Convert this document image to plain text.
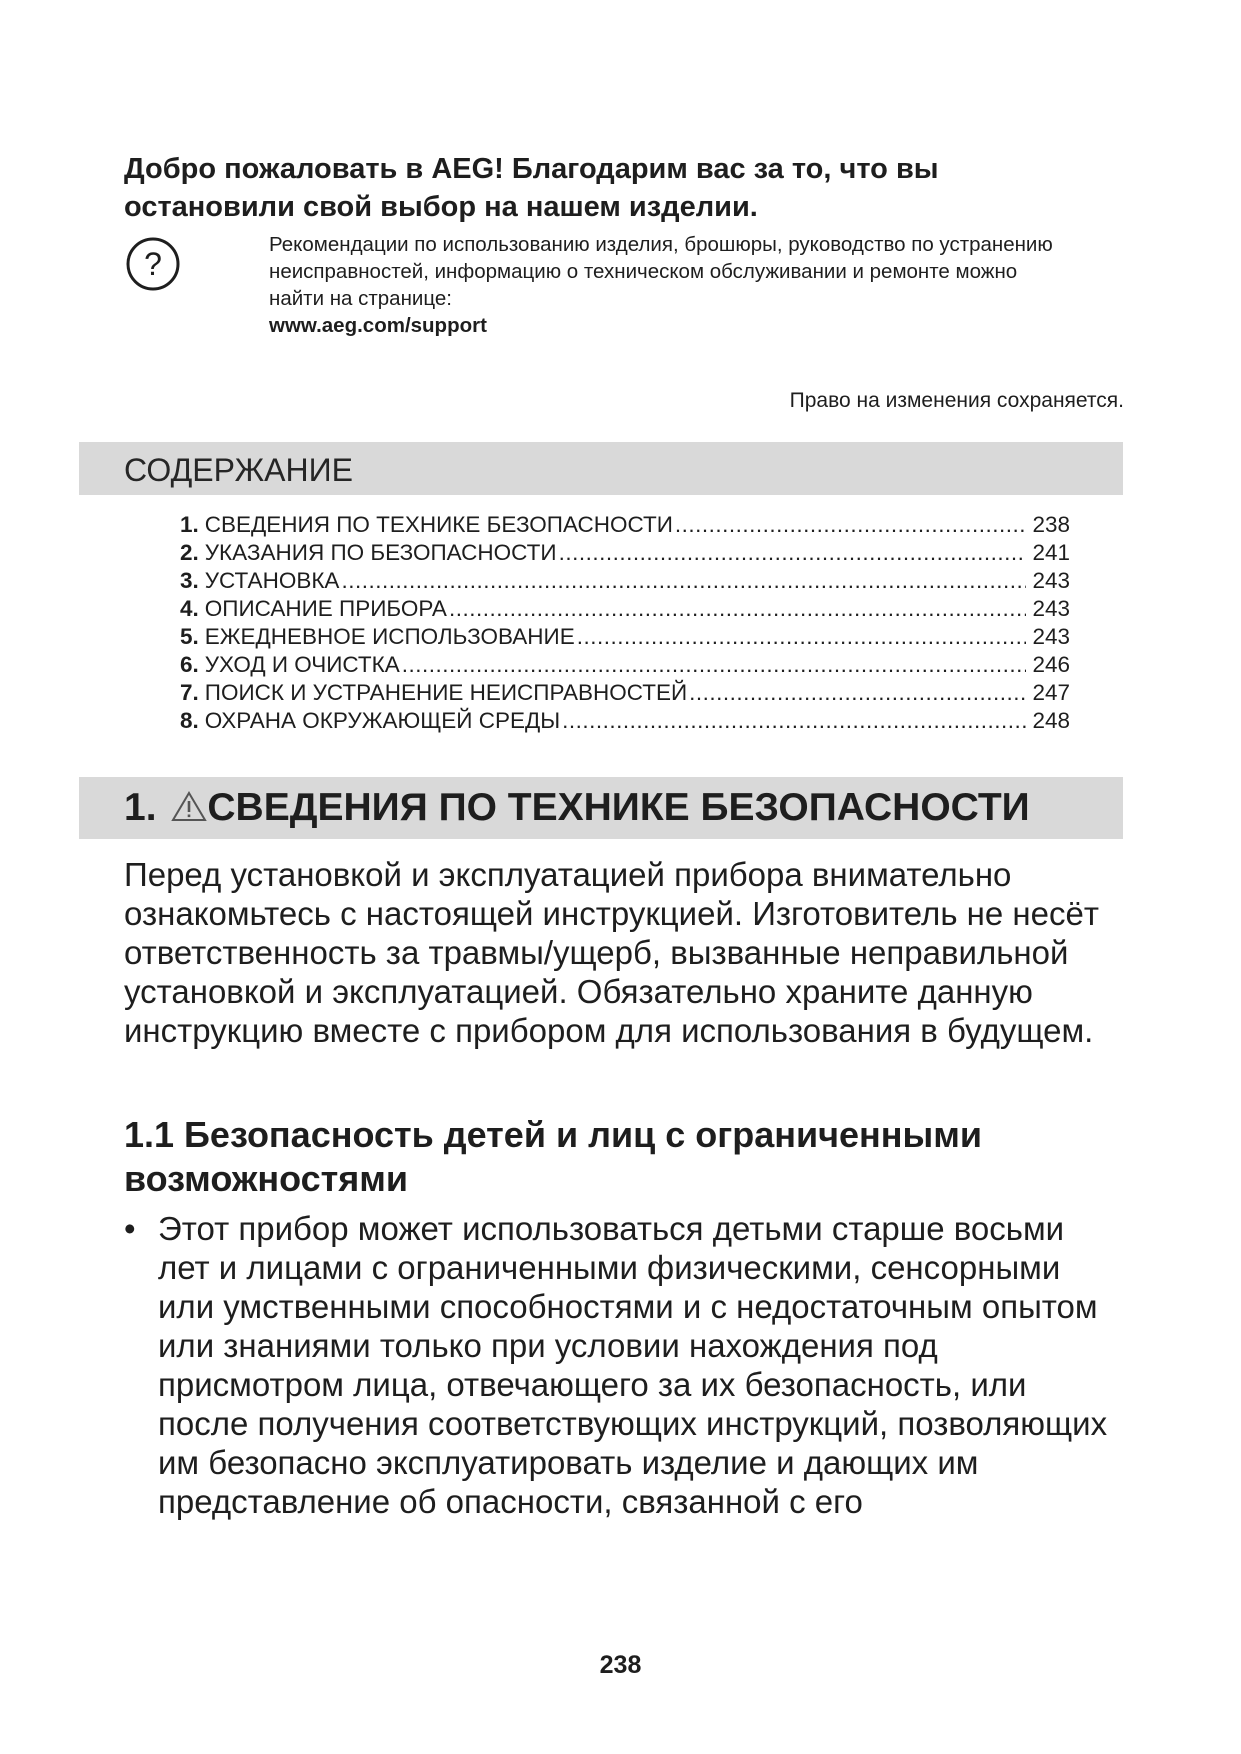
Добро пожаловать в AEG! Благодарим вас за то, что вы
остановили свой выбор на нашем изделии.
?
Рекомендации по использованию изделия, брошюры, руководство по устранению неисправностей, информацию о техническом обслуживании и ремонте можно найти на странице:
www.aeg.com/support
Право на изменения сохраняется.
СОДЕРЖАНИЕ
1. СВЕДЕНИЯ ПО ТЕХНИКЕ БЕЗОПАСНОСТИ .....	238
2. УКАЗАНИЯ ПО БЕЗОПАСНОСТИ .....	241
3. УСТАНОВКА .....	243
4. ОПИСАНИЕ ПРИБОРА .....	243
5. ЕЖЕДНЕВНОЕ ИСПОЛЬЗОВАНИЕ .....	243
6. УХОД И ОЧИСТКА .....	246
7. ПОИСК И УСТРАНЕНИЕ НЕИСПРАВНОСТЕЙ .....	247
8. ОХРАНА ОКРУЖАЮЩЕЙ СРЕДЫ .....	248
1. СВЕДЕНИЯ ПО ТЕХНИКЕ БЕЗОПАСНОСТИ
Перед установкой и эксплуатацией прибора внимательно ознакомьтесь с настоящей инструкцией. Изготовитель не несёт ответственность за травмы/ущерб, вызванные неправильной установкой и эксплуатацией. Обязательно храните данную инструкцию вместе с прибором для использования в будущем.
1.1 Безопасность детей и лиц с ограниченными возможностями
• Этот прибор может использоваться детьми старше восьми лет и лицами с ограниченными физическими, сенсорными или умственными способностями и с недостаточным опытом или знаниями только при условии нахождения под присмотром лица, отвечающего за их безопасность, или после получения соответствующих инструкций, позволяющих им безопасно эксплуатировать изделие и дающих им представление об опасности, связанной с его
238
